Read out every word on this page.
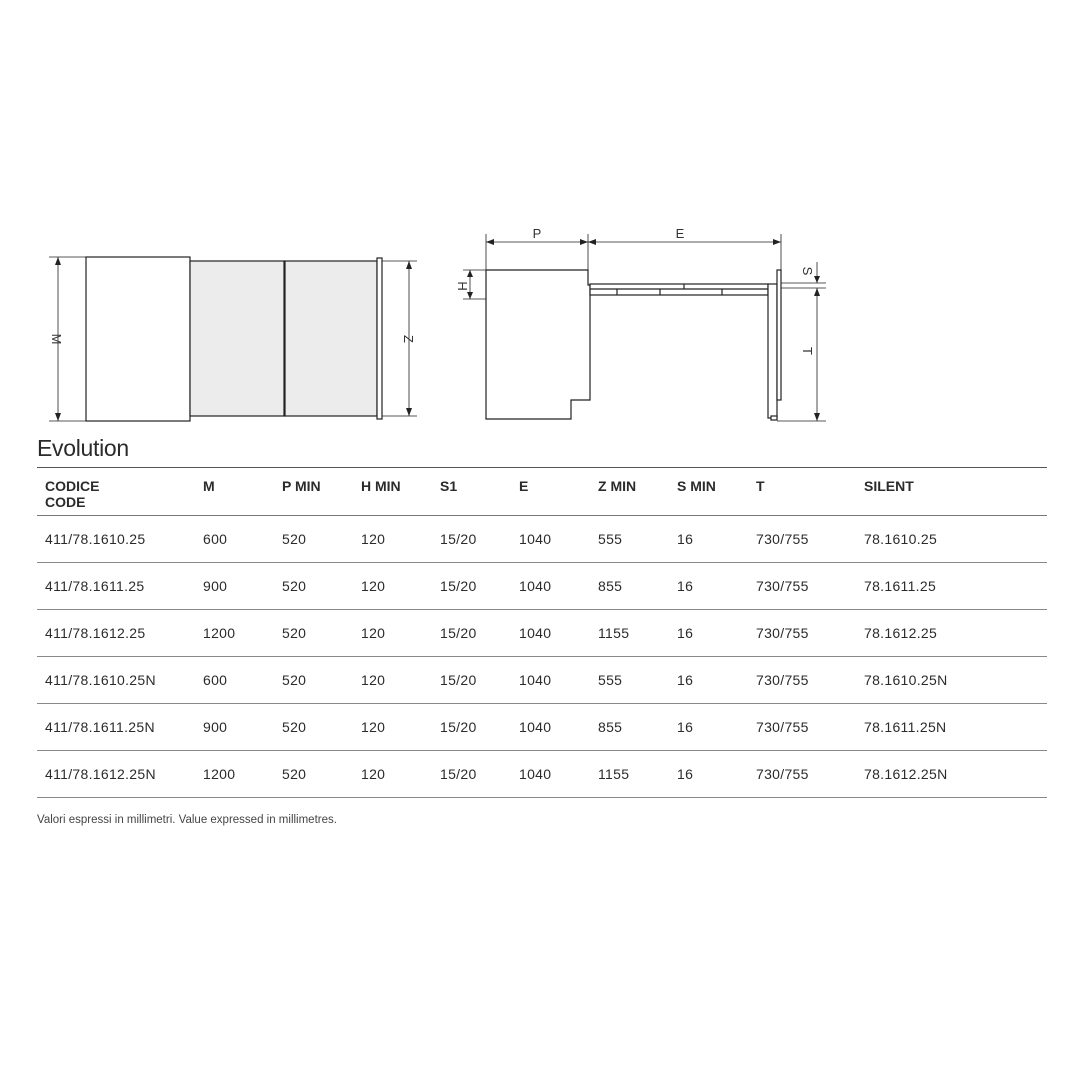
M	Z
P	E
H
S
T
Evolution
CODICE
CODE	M	P MIN	H MIN	S1	E	Z MIN	S MIN	T	SILENT
411/78.1610.25	600	520	120	15/20	1040	555	16	730/755	78.1610.25
411/78.1611.25	900	520	120	15/20	1040	855	16	730/755	78.1611.25
411/78.1612.25	1200	520	120	15/20	1040	1155	16	730/755	78.1612.25
411/78.1610.25N	600	520	120	15/20	1040	555	16	730/755	78.1610.25N
411/78.1611.25N	900	520	120	15/20	1040	855	16	730/755	78.1611.25N
411/78.1612.25N	1200	520	120	15/20	1040	1155	16	730/755	78.1612.25N
Valori espressi in millimetri. Value expressed in millimetres.
